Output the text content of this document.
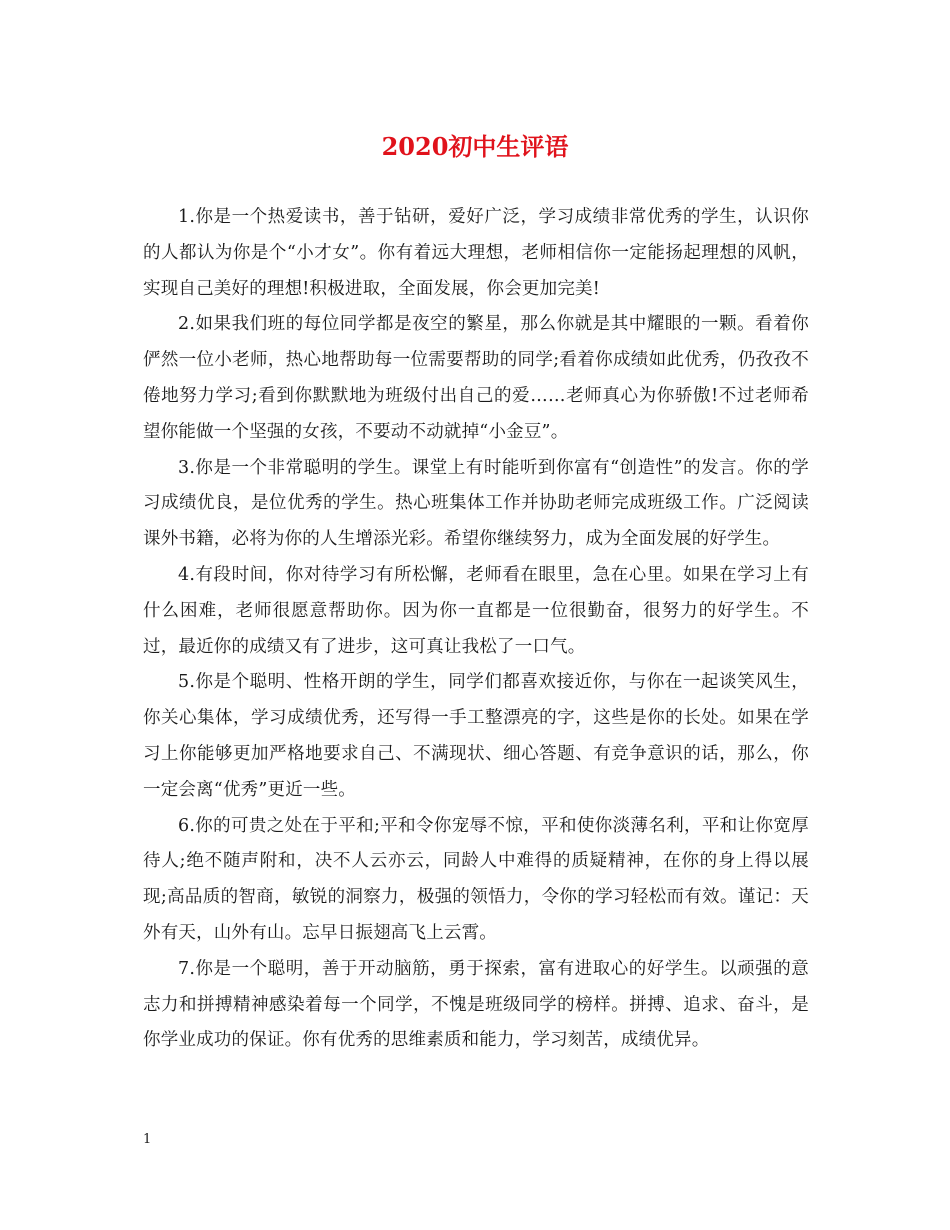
2020初中生评语

1.你是一个热爱读书，善于钻研，爱好广泛，学习成绩非常优秀的学生，认识你的人都认为你是个“小才女”。你有着远大理想，老师相信你一定能扬起理想的风帆，实现自己美好的理想!积极进取，全面发展，你会更加完美!

2.如果我们班的每位同学都是夜空的繁星，那么你就是其中耀眼的一颗。看着你俨然一位小老师，热心地帮助每一位需要帮助的同学;看着你成绩如此优秀，仍孜孜不倦地努力学习;看到你默默地为班级付出自己的爱……老师真心为你骄傲!不过老师希望你能做一个坚强的女孩，不要动不动就掉“小金豆”。

3.你是一个非常聪明的学生。课堂上有时能听到你富有“创造性”的发言。你的学习成绩优良，是位优秀的学生。热心班集体工作并协助老师完成班级工作。广泛阅读课外书籍，必将为你的人生增添光彩。希望你继续努力，成为全面发展的好学生。

4.有段时间，你对待学习有所松懈，老师看在眼里，急在心里。如果在学习上有什么困难，老师很愿意帮助你。因为你一直都是一位很勤奋，很努力的好学生。不过，最近你的成绩又有了进步，这可真让我松了一口气。

5.你是个聪明、性格开朗的学生，同学们都喜欢接近你，与你在一起谈笑风生，你关心集体，学习成绩优秀，还写得一手工整漂亮的字，这些是你的长处。如果在学习上你能够更加严格地要求自己、不满现状、细心答题、有竞争意识的话，那么，你一定会离“优秀”更近一些。

6.你的可贵之处在于平和;平和令你宠辱不惊，平和使你淡薄名利，平和让你宽厚待人;绝不随声附和，决不人云亦云，同龄人中难得的质疑精神，在你的身上得以展现;高品质的智商，敏锐的洞察力，极强的领悟力，令你的学习轻松而有效。谨记：天外有天，山外有山。忘早日振翅高飞上云霄。

7.你是一个聪明，善于开动脑筋，勇于探索，富有进取心的好学生。以顽强的意志力和拼搏精神感染着每一个同学，不愧是班级同学的榜样。拼搏、追求、奋斗，是你学业成功的保证。你有优秀的思维素质和能力，学习刻苦，成绩优异。

1
